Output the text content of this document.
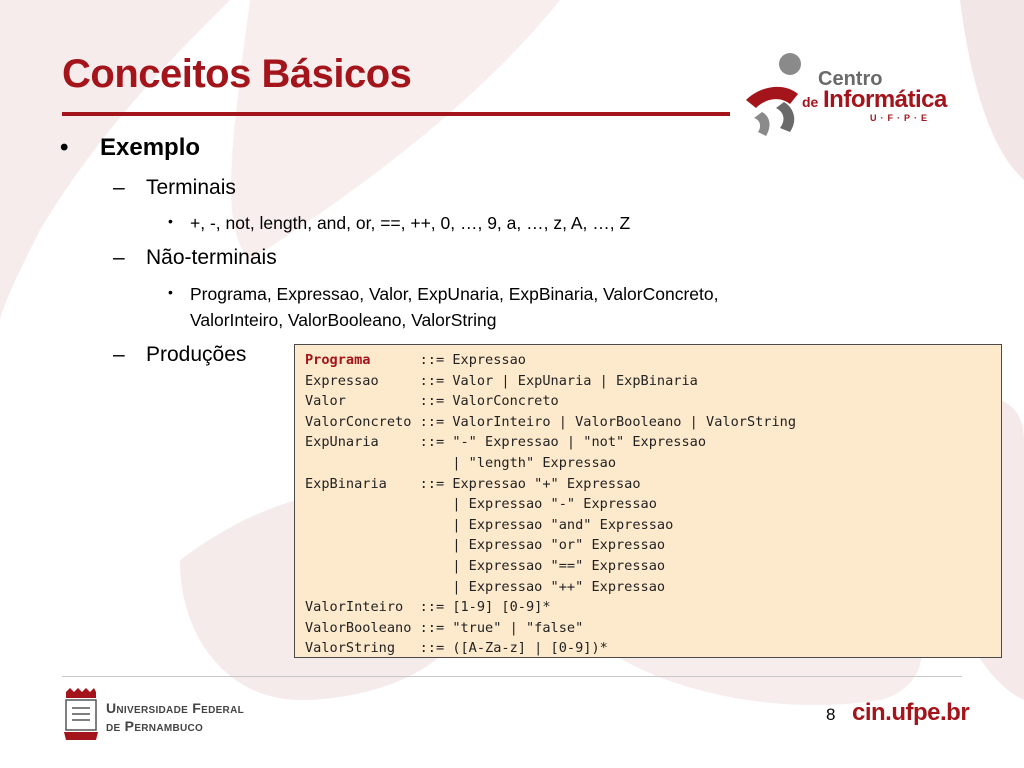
Conceitos Básicos	Centro
de Informática
U·F·P·E
• Exemplo
– Terminais
• +, -, not, length, and, or, ==, ++, 0, …, 9, a, …, z, A, …, Z
– Não-terminais
• Programa, Expressao, Valor, ExpUnaria, ExpBinaria, ValorConcreto,
ValorInteiro, ValorBooleano, ValorString
– Produções	Programa      ::= Expressao
Expressao     ::= Valor | ExpUnaria | ExpBinaria
Valor         ::= ValorConcreto
ValorConcreto ::= ValorInteiro | ValorBooleano | ValorString
ExpUnaria     ::= "-" Expressao | "not" Expressao
| "length" Expressao
ExpBinaria    ::= Expressao "+" Expressao
| Expressao "-" Expressao
| Expressao "and" Expressao
| Expressao "or" Expressao
| Expressao "==" Expressao
| Expressao "++" Expressao
ValorInteiro  ::= [1-9] [0-9]*
ValorBooleano ::= "true" | "false"
ValorString   ::= ([A-Za-z] | [0-9])*
Universidade Federal
de Pernambuco
8 cin.ufpe.br
